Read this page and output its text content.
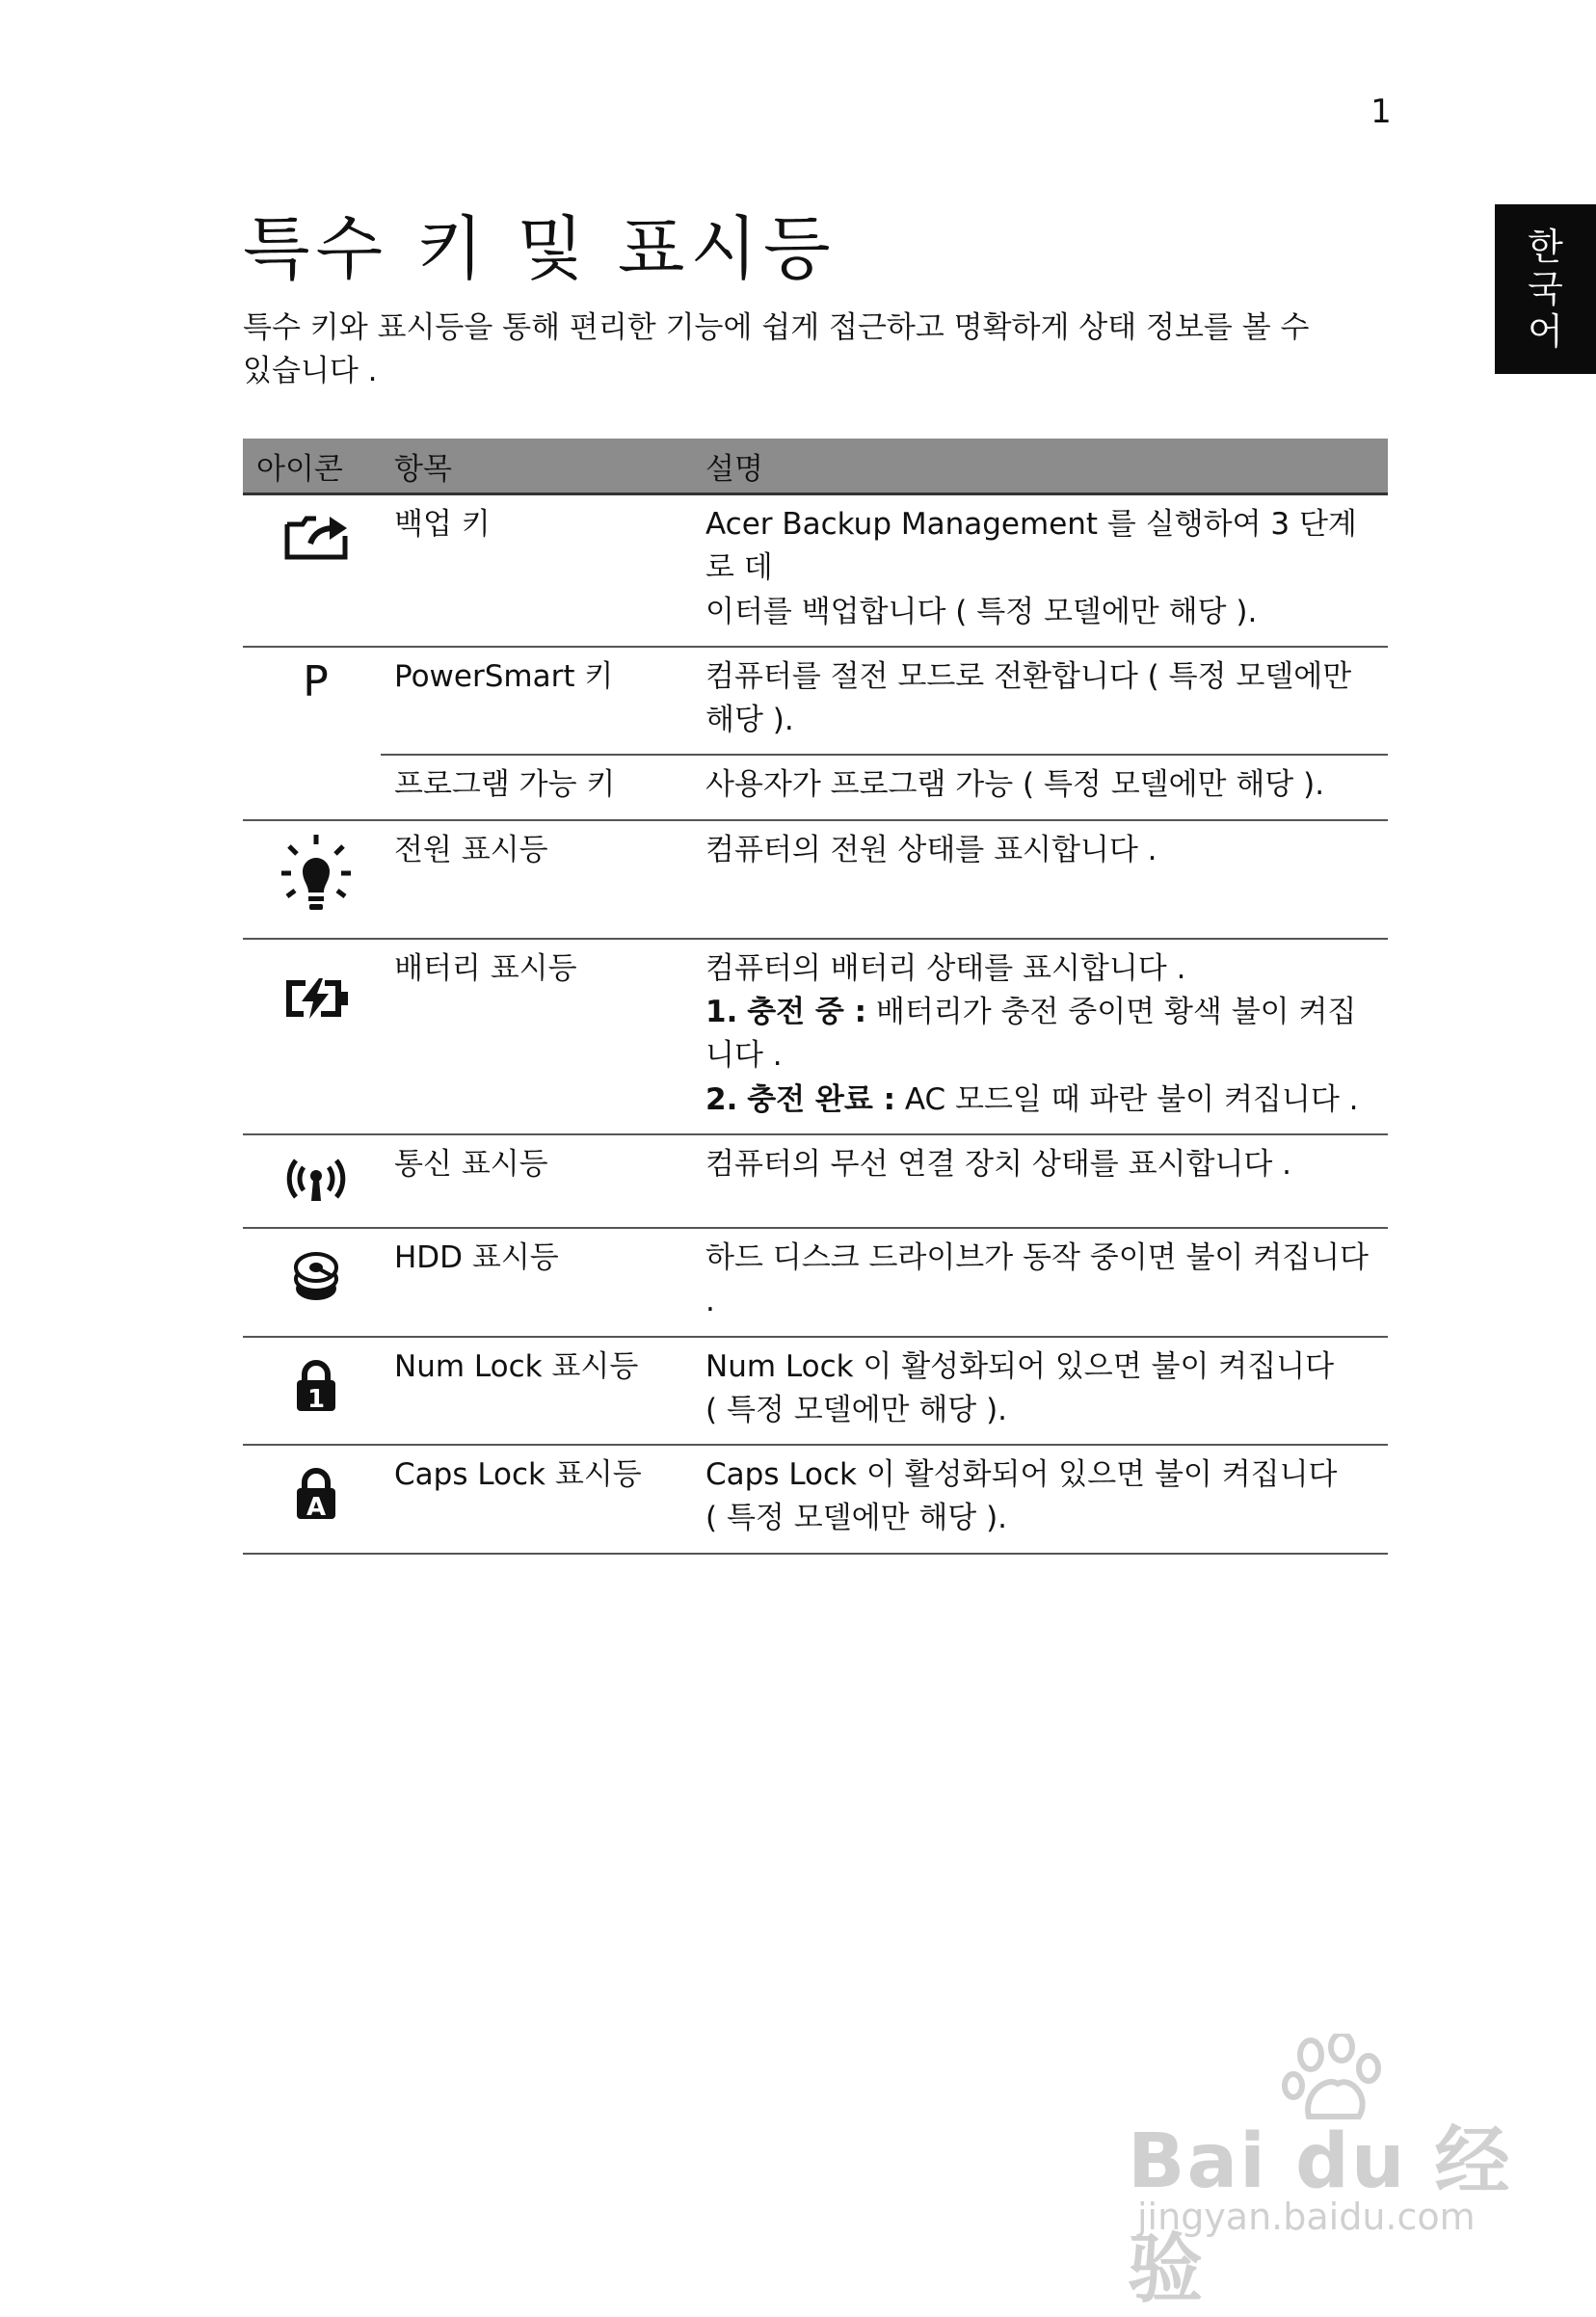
1
한
국
어
특수 키 및 표시등

특수 키와 표시등을 통해 편리한 기능에 쉽게 접근하고 명확하게 상태 정보를 볼 수
있습니다 .

아이콘	항목	설명

	백업 키	Acer Backup Management 를 실행하여 3 단계로 데
이터를 백업합니다 ( 특정 모델에만 해당 ).
P	PowerSmart 키	컴퓨터를 절전 모드로 전환합니다 ( 특정 모델에만
해당 ).
	프로그램 가능 키	사용자가 프로그램 가능 ( 특정 모델에만 해당 ).

	전원 표시등	컴퓨터의 전원 상태를 표시합니다 .

	배터리 표시등	컴퓨터의 배터리 상태를 표시합니다 .
1. 충전 중 : 배터리가 충전 중이면 황색 불이 켜집
니다 .
2. 충전 완료 : AC 모드일 때 파란 불이 켜집니다 .

	통신 표시등	컴퓨터의 무선 연결 장치 상태를 표시합니다 .

	HDD 표시등	하드 디스크 드라이브가 동작 중이면 불이 켜집니다 .

1	Num Lock 표시등	Num Lock 이 활성화되어 있으면 불이 켜집니다
( 특정 모델에만 해당 ).

A	Caps Lock 표시등	Caps Lock 이 활성화되어 있으면 불이 켜집니다
( 특정 모델에만 해당 ).
Bai du 经验
jingyan.baidu.com
